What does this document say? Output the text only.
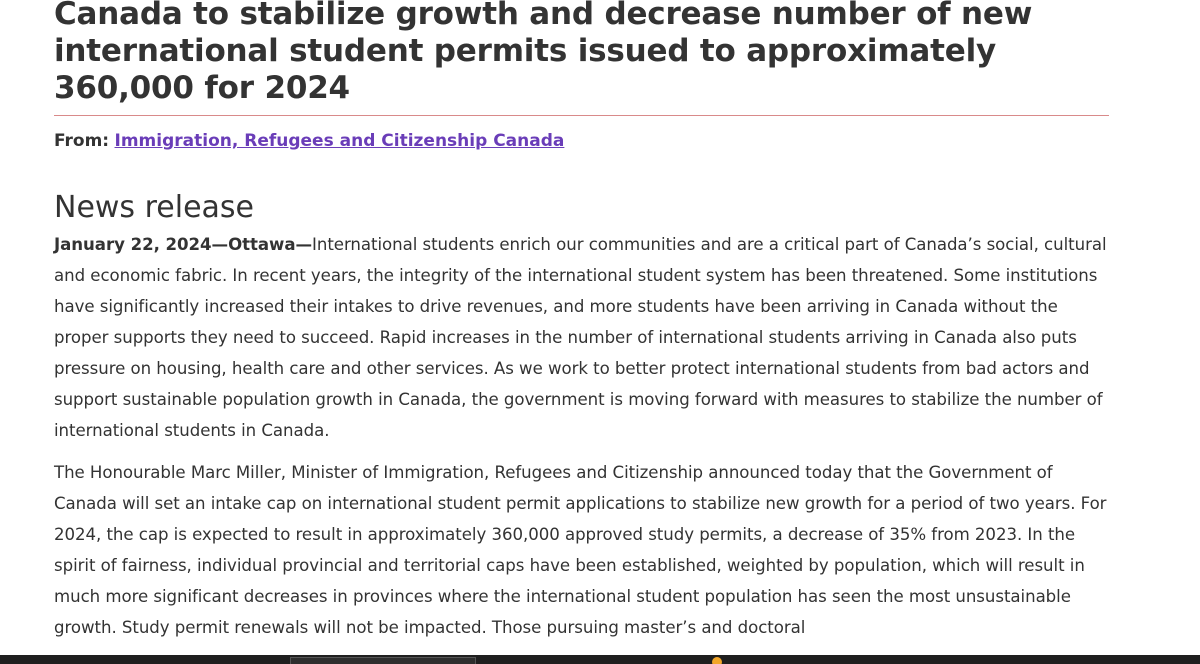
Canada to stabilize growth and decrease number of new international student permits issued to approximately 360,000 for 2024
From: Immigration, Refugees and Citizenship Canada
News release

January 22, 2024—Ottawa—International students enrich our communities and are a critical part of Canada’s social, cultural and economic fabric. In recent years, the integrity of the international student system has been threatened. Some institutions have significantly increased their intakes to drive revenues, and more students have been arriving in Canada without the proper supports they need to succeed. Rapid increases in the number of international students arriving in Canada also puts pressure on housing, health care and other services. As we work to better protect international students from bad actors and support sustainable population growth in Canada, the government is moving forward with measures to stabilize the number of international students in Canada.

The Honourable Marc Miller, Minister of Immigration, Refugees and Citizenship announced today that the Government of Canada will set an intake cap on international student permit applications to stabilize new growth for a period of two years. For 2024, the cap is expected to result in approximately 360,000 approved study permits, a decrease of 35% from 2023. In the spirit of fairness, individual provincial and territorial caps have been established, weighted by population, which will result in much more significant decreases in provinces where the international student population has seen the most unsustainable growth. Study permit renewals will not be impacted. Those pursuing master’s and doctoral
